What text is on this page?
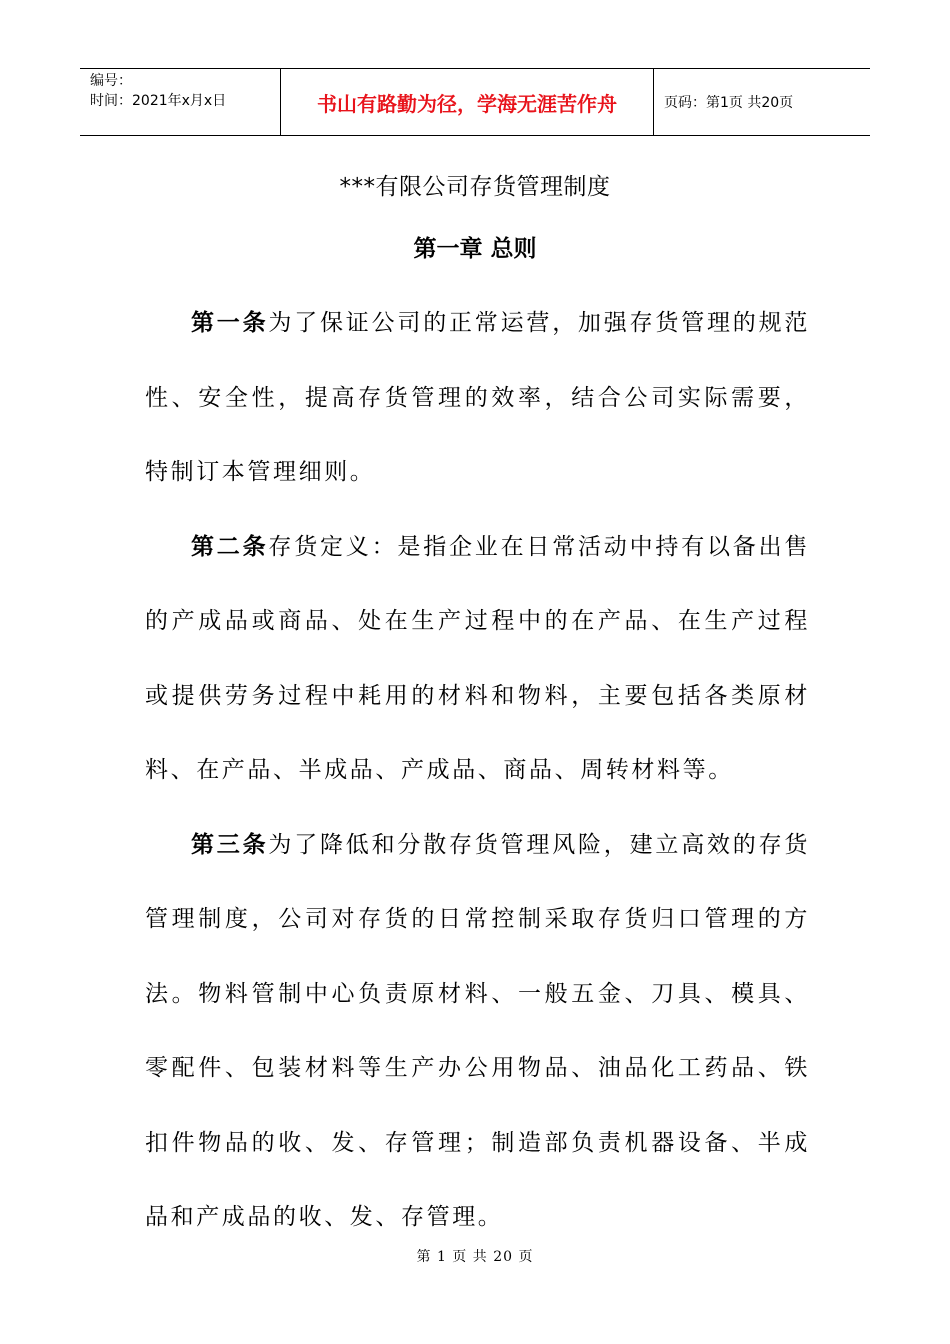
编号：
时间：2021年x月x日	书山有路勤为径，学海无涯苦作舟	页码：第1页 共20页
***有限公司存货管理制度
第一章 总则

第一条为了保证公司的正常运营，加强存货管理的规范性、安全性，提高存货管理的效率，结合公司实际需要，特制订本管理细则。

第二条存货定义：是指企业在日常活动中持有以备出售的产成品或商品、处在生产过程中的在产品、在生产过程或提供劳务过程中耗用的材料和物料，主要包括各类原材料、在产品、半成品、产成品、商品、周转材料等。

第三条为了降低和分散存货管理风险，建立高效的存货管理制度，公司对存货的日常控制采取存货归口管理的方法。物料管制中心负责原材料、一般五金、刀具、模具、零配件、包装材料等生产办公用物品、油品化工药品、铁扣件物品的收、发、存管理；制造部负责机器设备、半成品和产成品的收、发、存管理。

第 1 页 共 20 页
